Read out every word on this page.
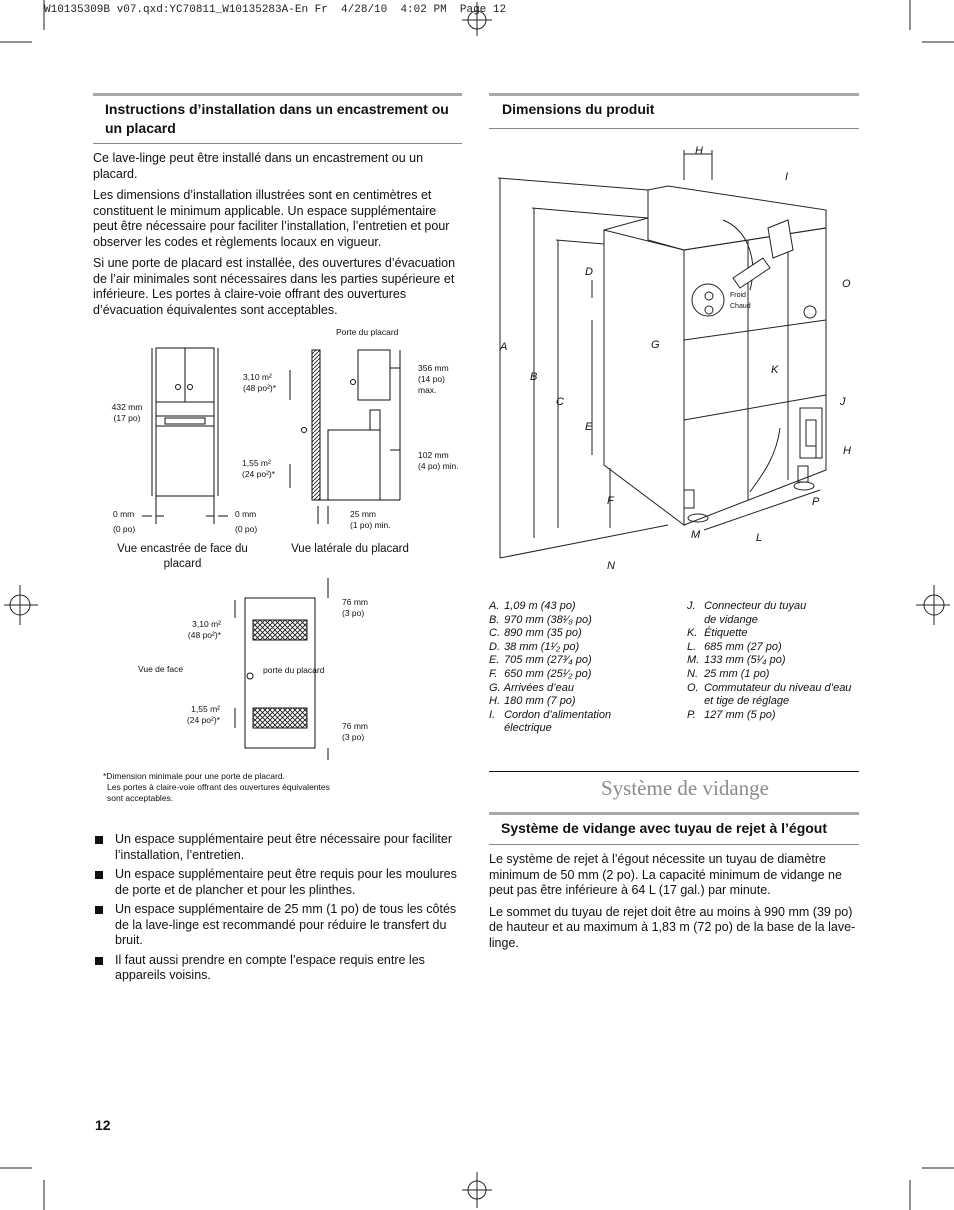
W10135309B v07.qxd:YC70811_W10135283A-En Fr  4/28/10  4:02 PM  Page 12
Instructions d’installation dans un encastrement ou un placard

Ce lave-linge peut être installé dans un encastrement ou un placard.

Les dimensions d’installation illustrées sont en centimètres et constituent le minimum applicable. Un espace supplémentaire peut être nécessaire pour faciliter l’installation, l’entretien et pour observer les codes et règlements locaux en vigueur.

Si une porte de placard est installée, des ouvertures d’évacuation de l’air minimales sont nécessaires dans les parties supérieure et inférieure. Les portes à claire-voie offrant des ouvertures d’évacuation équivalentes sont acceptables.

Porte du placard
432 mm
(17 po)
3,10 m²
(48 po²)*
1,55 m²
(24 po²)*
356 mm
(14 po)
max.
102 mm
(4 po) min.
0 mm
(0 po)
0 mm
(0 po)
25 mm
(1 po) min.
Vue encastrée de face du placard
Vue latérale du placard
3,10 m²
(48 po²)*
Vue de face	porte du placard
1,55 m²
(24 po²)*
76 mm
(3 po)
76 mm
(3 po)
*Dimension minimale pour une porte de placard.
Les portes à claire-voie offrant des ouvertures équivalentes
sont acceptables.
Un espace supplémentaire peut être nécessaire pour faciliter l’installation, l’entretien.
Un espace supplémentaire peut être requis pour les moulures de porte et de plancher et pour les plinthes.
Un espace supplémentaire de 25 mm (1 po) de tous les côtés de la lave-linge est recommandé pour réduire le transfert du bruit.
Il faut aussi prendre en compte l’espace requis entre les appareils voisins.
12
Dimensions du produit
H
I
D
O
G
A
B
K
C	J
E
H
F	P
M	L
N
Froid
Chaud
A. 1,09 m (43 po)
B. 970 mm (38¹⁄₈ po)
C. 890 mm (35 po)
D. 38 mm (1¹⁄₂ po)
E. 705 mm (27³⁄₄ po)
F. 650 mm (25¹⁄₂ po)
G. Arrivées d’eau
H. 180 mm (7 po)
I. Cordon d’alimentation
électrique
J. Connecteur du tuyau
de vidange
K. Étiquette
L. 685 mm (27 po)
M. 133 mm (5¹⁄₄ po)
N. 25 mm (1 po)
O. Commutateur du niveau d’eau
et tige de réglage
P. 127 mm (5 po)
Système de vidange
Système de vidange avec tuyau de rejet à l’égout

Le système de rejet à l’égout nécessite un tuyau de diamètre minimum de 50 mm (2 po). La capacité minimum de vidange ne peut pas être inférieure à 64 L (17 gal.) par minute.

Le sommet du tuyau de rejet doit être au moins à 990 mm (39 po) de hauteur et au maximum à 1,83 m (72 po) de la base de la lave-linge.
